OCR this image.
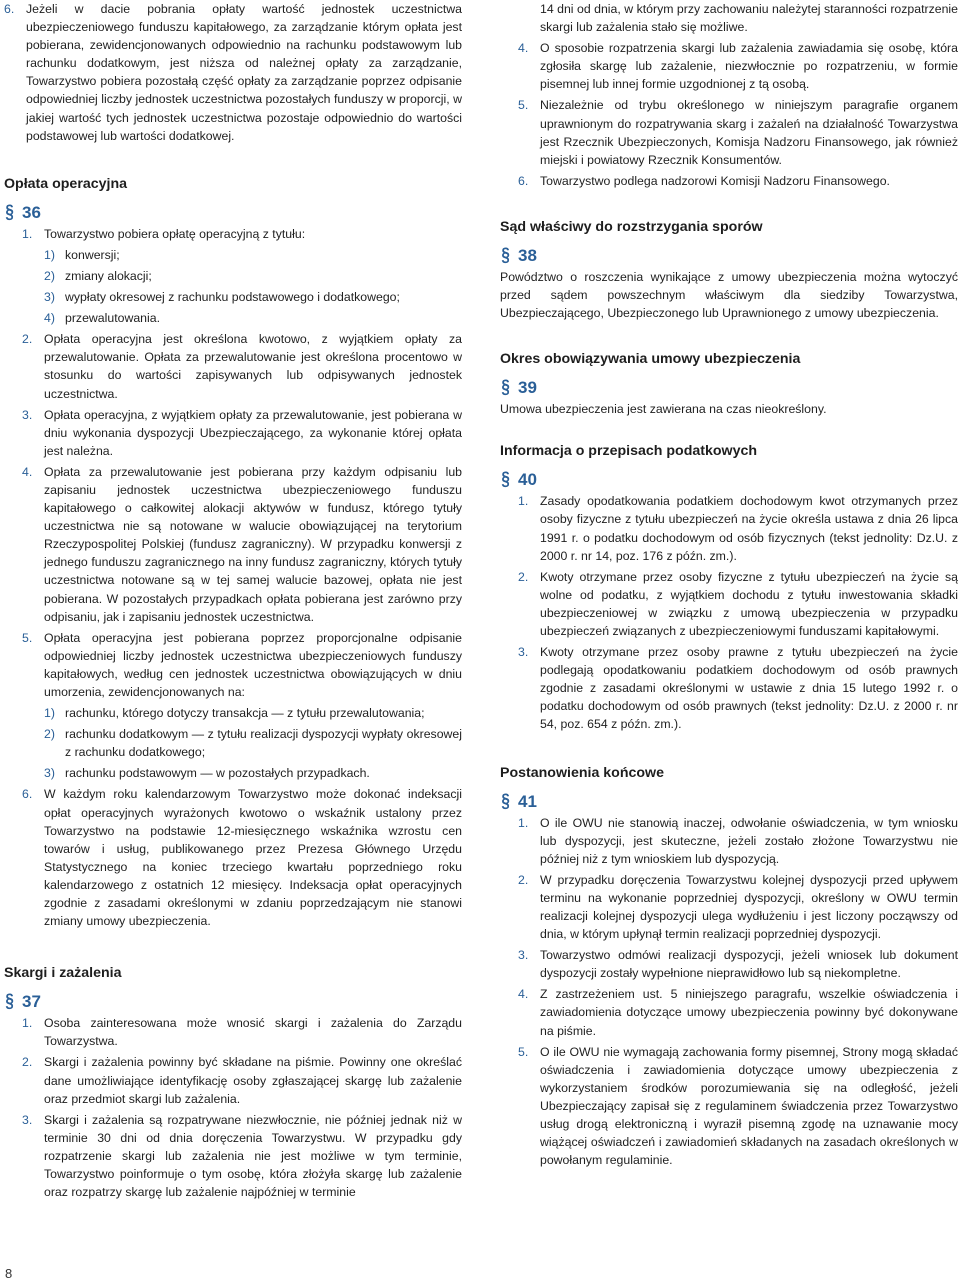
6. Jeżeli w dacie pobrania opłaty wartość jednostek uczestnictwa ubezpieczeniowego funduszu kapitałowego, za zarządzanie którym opłata jest pobierana, zewidencjonowanych odpowiednio na rachunku podstawowym lub rachunku dodatkowym, jest niższa od należnej opłaty za zarządzanie, Towarzystwo pobiera pozostałą część opłaty za zarządzanie poprzez odpisanie odpowiedniej liczby jednostek uczestnictwa pozostałych funduszy w proporcji, w jakiej wartość tych jednostek uczestnictwa pozostaje odpowiednio do wartości podstawowej lub wartości dodatkowej.

Opłata operacyjna

§ 36

1. Towarzystwo pobiera opłatę operacyjną z tytułu:
1) konwersji;
2) zmiany alokacji;
3) wypłaty okresowej z rachunku podstawowego i dodatkowego;
4) przewalutowania.
2. Opłata operacyjna jest określona kwotowo, z wyjątkiem opłaty za przewalutowanie. Opłata za przewalutowanie jest określona procentowo w stosunku do wartości zapisywanych lub odpisywanych jednostek uczestnictwa.
3. Opłata operacyjna, z wyjątkiem opłaty za przewalutowanie, jest pobierana w dniu wykonania dyspozycji Ubezpieczającego, za wykonanie której opłata jest należna.
4. Opłata za przewalutowanie jest pobierana przy każdym odpisaniu lub zapisaniu jednostek uczestnictwa ubezpieczeniowego funduszu kapitałowego o całkowitej alokacji aktywów w fundusz, którego tytuły uczestnictwa nie są notowane w walucie obowiązującej na terytorium Rzeczypospolitej Polskiej (fundusz zagraniczny). W przypadku konwersji z jednego funduszu zagranicznego na inny fundusz zagraniczny, których tytuły uczestnictwa notowane są w tej samej walucie bazowej, opłata nie jest pobierana. W pozostałych przypadkach opłata pobierana jest zarówno przy odpisaniu, jak i zapisaniu jednostek uczestnictwa.
5. Opłata operacyjna jest pobierana poprzez proporcjonalne odpisanie odpowiedniej liczby jednostek uczestnictwa ubezpieczeniowych funduszy kapitałowych, według cen jednostek uczestnictwa obowiązujących w dniu umorzenia, zewidencjonowanych na:
1) rachunku, którego dotyczy transakcja — z tytułu przewalutowania;
2) rachunku dodatkowym — z tytułu realizacji dyspozycji wypłaty okresowej z rachunku dodatkowego;
3) rachunku podstawowym — w pozostałych przypadkach.
6. W każdym roku kalendarzowym Towarzystwo może dokonać indeksacji opłat operacyjnych wyrażonych kwotowo o wskaźnik ustalony przez Towarzystwo na podstawie 12-miesięcznego wskaźnika wzrostu cen towarów i usług, publikowanego przez Prezesa Głównego Urzędu Statystycznego na koniec trzeciego kwartału poprzedniego roku kalendarzowego z ostatnich 12 miesięcy. Indeksacja opłat operacyjnych zgodnie z zasadami określonymi w zdaniu poprzedzającym nie stanowi zmiany umowy ubezpieczenia.

Skargi i zażalenia

§ 37

1. Osoba zainteresowana może wnosić skargi i zażalenia do Zarządu Towarzystwa.
2. Skargi i zażalenia powinny być składane na piśmie. Powinny one określać dane umożliwiające identyfikację osoby zgłaszającej skargę lub zażalenie oraz przedmiot skargi lub zażalenia.
3. Skargi i zażalenia są rozpatrywane niezwłocznie, nie później jednak niż w terminie 30 dni od dnia doręczenia Towarzystwu. W przypadku gdy rozpatrzenie skargi lub zażalenia nie jest możliwe w tym terminie, Towarzystwo poinformuje o tym osobę, która złożyła skargę lub zażalenie oraz rozpatrzy skargę lub zażalenie najpóźniej w terminie

14 dni od dnia, w którym przy zachowaniu należytej staranności rozpatrzenie skargi lub zażalenia stało się możliwe.

4. O sposobie rozpatrzenia skargi lub zażalenia zawiadamia się osobę, która zgłosiła skargę lub zażalenie, niezwłocznie po rozpatrzeniu, w formie pisemnej lub innej formie uzgodnionej z tą osobą.
5. Niezależnie od trybu określonego w niniejszym paragrafie organem uprawnionym do rozpatrywania skarg i zażaleń na działalność Towarzystwa jest Rzecznik Ubezpieczonych, Komisja Nadzoru Finansowego, jak również miejski i powiatowy Rzecznik Konsumentów.
6. Towarzystwo podlega nadzorowi Komisji Nadzoru Finansowego.

Sąd właściwy do rozstrzygania sporów

§ 38

Powództwo o roszczenia wynikające z umowy ubezpieczenia można wytoczyć przed sądem powszechnym właściwym dla siedziby Towarzystwa, Ubezpieczającego, Ubezpieczonego lub Uprawnionego z umowy ubezpieczenia.

Okres obowiązywania umowy ubezpieczenia

§ 39

Umowa ubezpieczenia jest zawierana na czas nieokreślony.

Informacja o przepisach podatkowych

§ 40

1. Zasady opodatkowania podatkiem dochodowym kwot otrzymanych przez osoby fizyczne z tytułu ubezpieczeń na życie określa ustawa z dnia 26 lipca 1991 r. o podatku dochodowym od osób fizycznych (tekst jednolity: Dz.U. z 2000 r. nr 14, poz. 176 z późn. zm.).
2. Kwoty otrzymane przez osoby fizyczne z tytułu ubezpieczeń na życie są wolne od podatku, z wyjątkiem dochodu z tytułu inwestowania składki ubezpieczeniowej w związku z umową ubezpieczenia w przypadku ubezpieczeń związanych z ubezpieczeniowymi funduszami kapitałowymi.
3. Kwoty otrzymane przez osoby prawne z tytułu ubezpieczeń na życie podlegają opodatkowaniu podatkiem dochodowym od osób prawnych zgodnie z zasadami określonymi w ustawie z dnia 15 lutego 1992 r. o podatku dochodowym od osób prawnych (tekst jednolity: Dz.U. z 2000 r. nr 54, poz. 654 z późn. zm.).

Postanowienia końcowe

§ 41

1. O ile OWU nie stanowią inaczej, odwołanie oświadczenia, w tym wniosku lub dyspozycji, jest skuteczne, jeżeli zostało złożone Towarzystwu nie później niż z tym wnioskiem lub dyspozycją.
2. W przypadku doręczenia Towarzystwu kolejnej dyspozycji przed upływem terminu na wykonanie poprzedniej dyspozycji, określony w OWU termin realizacji kolejnej dyspozycji ulega wydłużeniu i jest liczony począwszy od dnia, w którym upłynął termin realizacji poprzedniej dyspozycji.
3. Towarzystwo odmówi realizacji dyspozycji, jeżeli wniosek lub dokument dyspozycji zostały wypełnione nieprawidłowo lub są niekompletne.
4. Z zastrzeżeniem ust. 5 niniejszego paragrafu, wszelkie oświadczenia i zawiadomienia dotyczące umowy ubezpieczenia powinny być dokonywane na piśmie.
5. O ile OWU nie wymagają zachowania formy pisemnej, Strony mogą składać oświadczenia i zawiadomienia dotyczące umowy ubezpieczenia z wykorzystaniem środków porozumiewania się na odległość, jeżeli Ubezpieczający zapisał się z regulaminem świadczenia przez Towarzystwo usług drogą elektroniczną i wyraził pisemną zgodę na uznawanie mocy wiążącej oświadczeń i zawiadomień składanych na zasadach określonych w powołanym regulaminie.
8
